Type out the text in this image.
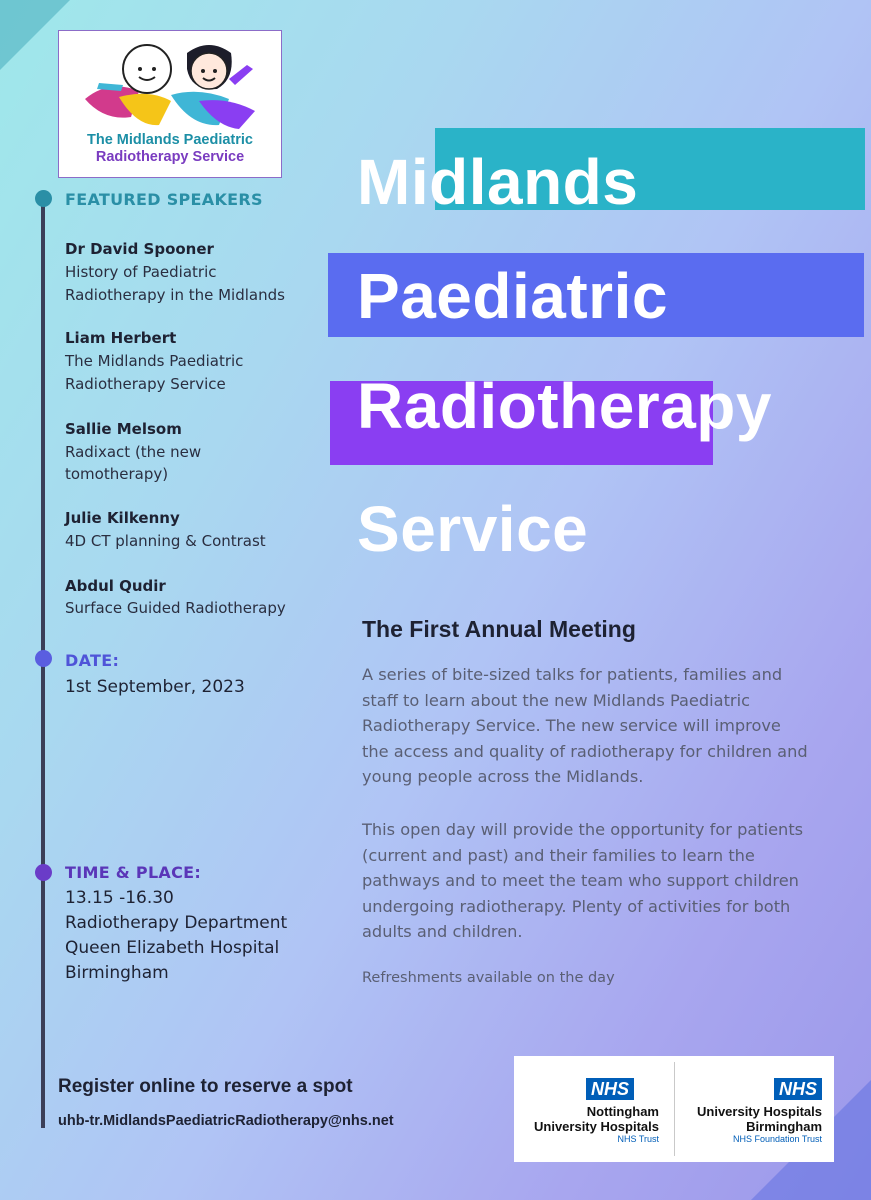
The Midlands Paediatric
Radiotherapy Service
FEATURED SPEAKERS
Dr David Spooner
History of Paediatric
Radiotherapy in the Midlands
Liam Herbert
The Midlands Paediatric
Radiotherapy Service
Sallie Melsom
Radixact (the new
tomotherapy)
Julie Kilkenny
4D CT planning & Contrast
Abdul Qudir
Surface Guided Radiotherapy
DATE:
1st September, 2023
TIME & PLACE:
13.15 -16.30
Radiotherapy Department
Queen Elizabeth Hospital
Birmingham
Midlands
Paediatric
Radiotherapy
Service
The First Annual Meeting
A series of bite-sized talks for patients, families and
staff to learn about the new Midlands Paediatric
Radiotherapy Service. The new service will improve
the access and quality of radiotherapy for children and
young people across the Midlands.
This open day will provide the opportunity for patients
(current and past) and their families to learn the
pathways and to meet the team who support children
undergoing radiotherapy. Plenty of activities for both
adults and children.
Refreshments available on the day
Register online to reserve a spot
uhb-tr.MidlandsPaediatricRadiotherapy@nhs.net
NHS
Nottingham
University Hospitals
NHS Trust
NHS
University Hospitals
Birmingham
NHS Foundation Trust
